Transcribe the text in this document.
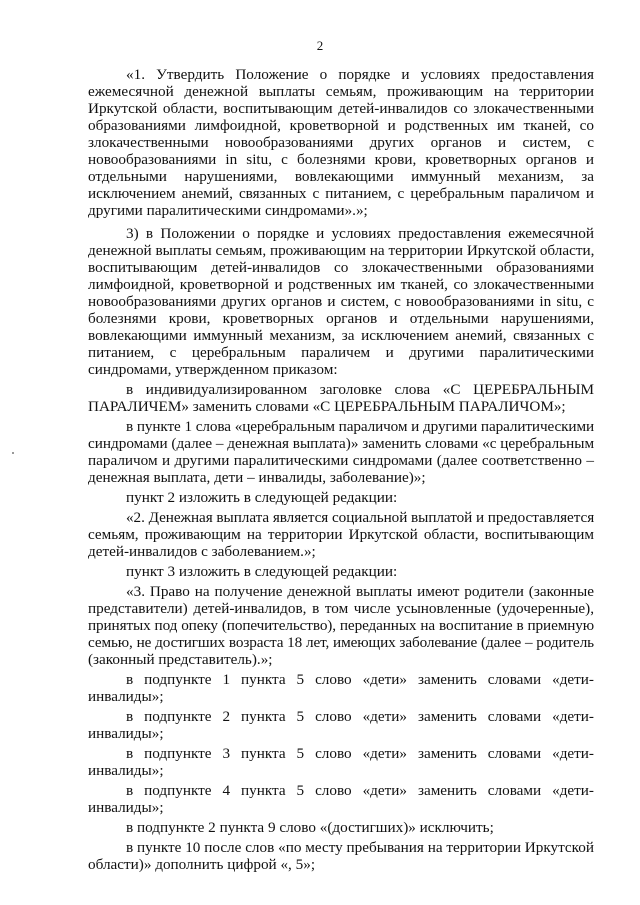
2
«1. Утвердить Положение о порядке и условиях предоставления
ежемесячной денежной выплаты семьям, проживающим на территории
Иркутской области, воспитывающим детей-инвалидов со злокачественными
образованиями лимфоидной, кроветворной и родственных им тканей, со
злокачественными новообразованиями других органов и систем, с
новообразованиями in situ, с болезнями крови, кроветворных органов и
отдельными нарушениями, вовлекающими иммунный механизм, за
исключением анемий, связанных с питанием, с церебральным параличом и
другими паралитическими синдромами».»;
3) в Положении о порядке и условиях предоставления ежемесячной
денежной выплаты семьям, проживающим на территории Иркутской области,
воспитывающим детей-инвалидов со злокачественными образованиями
лимфоидной, кроветворной и родственных им тканей, со злокачественными
новообразованиями других органов и систем, с новообразованиями in situ, с
болезнями крови, кроветворных органов и отдельными нарушениями,
вовлекающими иммунный механизм, за исключением анемий, связанных с
питанием, с церебральным параличем и другими паралитическими
синдромами, утвержденном приказом:
в индивидуализированном заголовке слова «С ЦЕРЕБРАЛЬНЫМ
ПАРАЛИЧЕМ» заменить словами «С ЦЕРЕБРАЛЬНЫМ ПАРАЛИЧОМ»;
в пункте 1 слова «церебральным параличом и другими паралитическими
синдромами (далее – денежная выплата)» заменить словами «с церебральным
параличом и другими паралитическими синдромами (далее соответственно –
денежная выплата, дети – инвалиды, заболевание)»;
пункт 2 изложить в следующей редакции:
«2. Денежная выплата является социальной выплатой и предоставляется
семьям, проживающим на территории Иркутской области, воспитывающим
детей-инвалидов с заболеванием.»;
пункт 3 изложить в следующей редакции:
«3. Право на получение денежной выплаты имеют родители (законные
представители) детей-инвалидов, в том числе усыновленные (удочеренные),
принятых под опеку (попечительство), переданных на воспитание в приемную
семью, не достигших возраста 18 лет, имеющих заболевание (далее – родитель
(законный представитель).»;
в подпункте 1 пункта 5 слово «дети» заменить словами «дети-
инвалиды»;
в подпункте 2 пункта 5 слово «дети» заменить словами «дети-
инвалиды»;
в подпункте 3 пункта 5 слово «дети» заменить словами «дети-
инвалиды»;
в подпункте 4 пункта 5 слово «дети» заменить словами «дети-
инвалиды»;
в подпункте 2 пункта 9 слово «(достигших)» исключить;
в пункте 10 после слов «по месту пребывания на территории Иркутской
области)» дополнить цифрой «, 5»;
